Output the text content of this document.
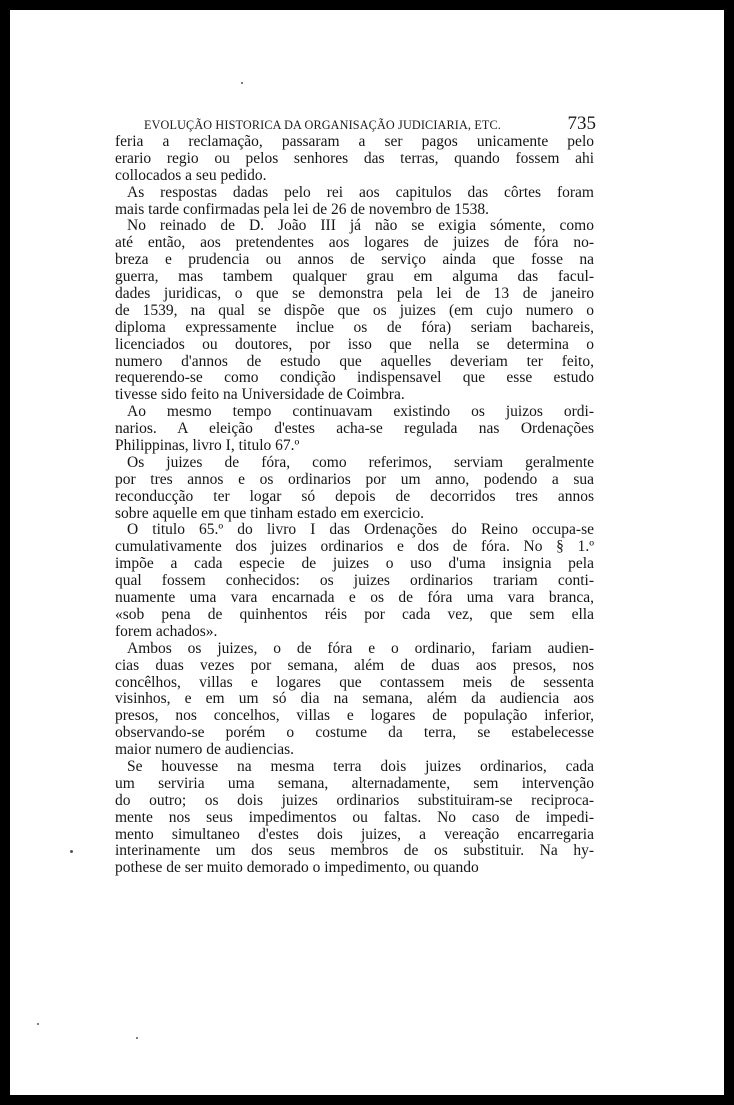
EVOLUÇÃO HISTORICA DA ORGANISAÇÃO JUDICIARIA, ETC.	735
feria a reclamação, passaram a ser pagos unicamente pelo
erario regio ou pelos senhores das terras, quando fossem ahi
collocados a seu pedido.
As respostas dadas pelo rei aos capitulos das côrtes foram
mais tarde confirmadas pela lei de 26 de novembro de 1538.
No reinado de D. João III já não se exigia sómente, como
até então, aos pretendentes aos logares de juizes de fóra no-
breza e prudencia ou annos de serviço ainda que fosse na
guerra, mas tambem qualquer grau em alguma das facul-
dades juridicas, o que se demonstra pela lei de 13 de janeiro
de 1539, na qual se dispõe que os juizes (em cujo numero o
diploma expressamente inclue os de fóra) seriam bachareis,
licenciados ou doutores, por isso que nella se determina o
numero d'annos de estudo que aquelles deveriam ter feito,
requerendo-se como condição indispensavel que esse estudo
tivesse sido feito na Universidade de Coimbra.
Ao mesmo tempo continuavam existindo os juizos ordi-
narios. A eleição d'estes acha-se regulada nas Ordenações
Philippinas, livro I, titulo 67.º
Os juizes de fóra, como referimos, serviam geralmente
por tres annos e os ordinarios por um anno, podendo a sua
reconducção ter logar só depois de decorridos tres annos
sobre aquelle em que tinham estado em exercicio.
O titulo 65.º do livro I das Ordenações do Reino occupa-se
cumulativamente dos juizes ordinarios e dos de fóra. No § 1.º
impõe a cada especie de juizes o uso d'uma insignia pela
qual fossem conhecidos: os juizes ordinarios trariam conti-
nuamente uma vara encarnada e os de fóra uma vara branca,
«sob pena de quinhentos réis por cada vez, que sem ella
forem achados».
Ambos os juizes, o de fóra e o ordinario, fariam audien-
cias duas vezes por semana, além de duas aos presos, nos
concêlhos, villas e logares que contassem meis de sessenta
visinhos, e em um só dia na semana, além da audiencia aos
presos, nos concelhos, villas e logares de população inferior,
observando-se porém o costume da terra, se estabelecesse
maior numero de audiencias.
Se houvesse na mesma terra dois juizes ordinarios, cada
um serviria uma semana, alternadamente, sem intervenção
do outro; os dois juizes ordinarios substituiram-se reciproca-
mente nos seus impedimentos ou faltas. No caso de impedi-
mento simultaneo d'estes dois juizes, a vereação encarregaria
interinamente um dos seus membros de os substituir. Na hy-
pothese de ser muito demorado o impedimento, ou quando
